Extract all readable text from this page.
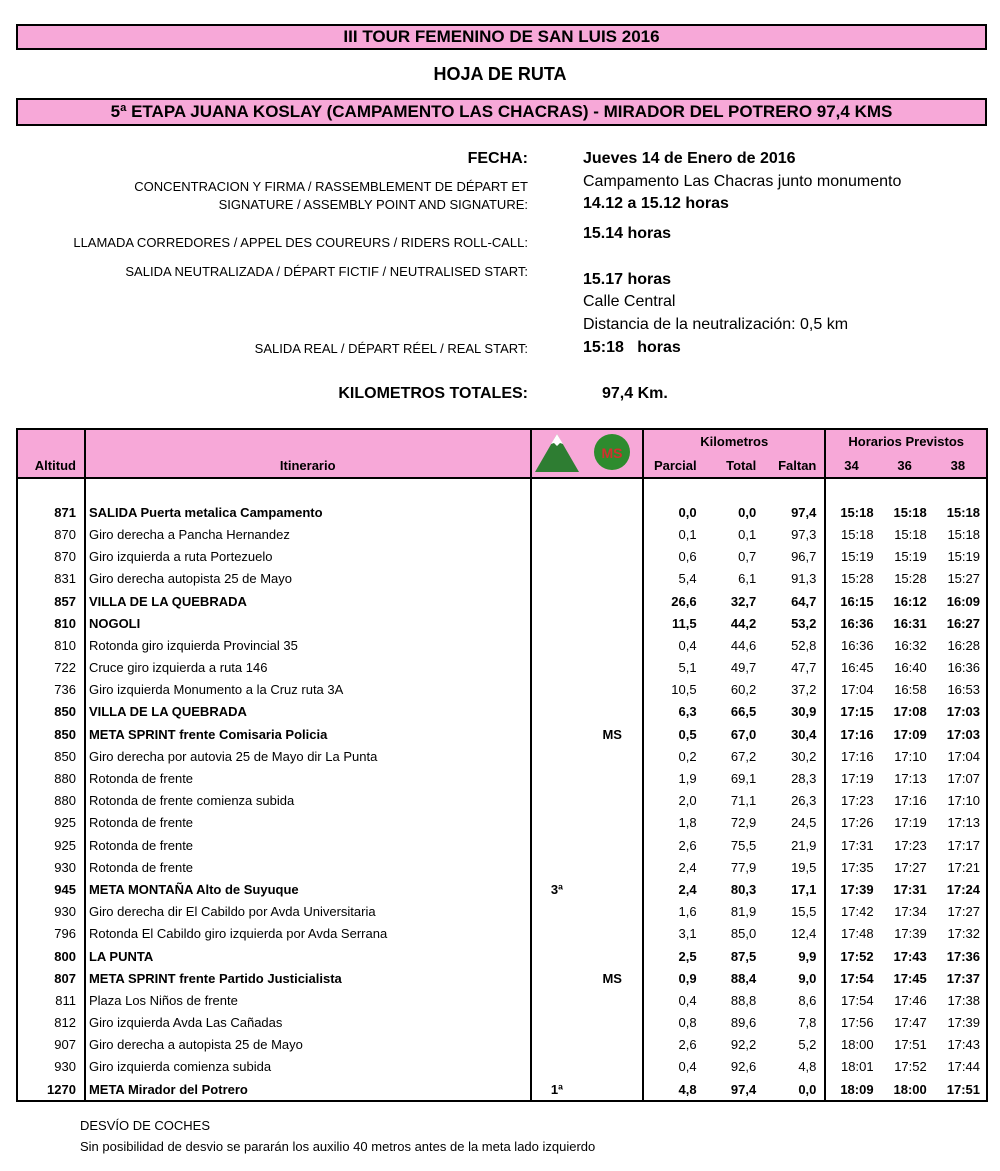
III TOUR FEMENINO DE SAN LUIS 2016
HOJA DE RUTA
5ª ETAPA JUANA KOSLAY (CAMPAMENTO LAS CHACRAS) - MIRADOR DEL POTRERO 97,4 KMS
FECHA:	Jueves 14 de Enero de 2016
CONCENTRACION Y FIRMA / RASSEMBLEMENT DE DÉPART ET
SIGNATURE / ASSEMBLY POINT AND SIGNATURE:
Campamento Las Chacras junto monumento
14.12 a 15.12 horas
LLAMADA CORREDORES / APPEL DES COUREURS / RIDERS ROLL-CALL:
15.14 horas
SALIDA NEUTRALIZADA / DÉPART FICTIF / NEUTRALISED START:	15.17 horas
Calle Central
Distancia de la neutralización: 0,5 km
SALIDA REAL / DÉPART RÉEL / REAL START:	15:18   horas
KILOMETROS TOTALES:	97,4 Km.

MS	Kilometros			Horarios Previstos		
Altitud	Itinerario			Parcial	Total	Faltan	34	36	38

871	SALIDA Puerta metalica Campamento			0,0	0,0	97,4	15:18	15:18	15:18
870	Giro derecha a Pancha Hernandez			0,1	0,1	97,3	15:18	15:18	15:18
870	Giro izquierda a ruta Portezuelo			0,6	0,7	96,7	15:19	15:19	15:19
831	Giro derecha autopista 25 de Mayo			5,4	6,1	91,3	15:28	15:28	15:27
857	VILLA DE LA QUEBRADA			26,6	32,7	64,7	16:15	16:12	16:09
810	NOGOLI			11,5	44,2	53,2	16:36	16:31	16:27
810	Rotonda giro izquierda Provincial 35			0,4	44,6	52,8	16:36	16:32	16:28
722	Cruce giro izquierda a ruta 146			5,1	49,7	47,7	16:45	16:40	16:36
736	Giro izquierda Monumento a la Cruz ruta 3A			10,5	60,2	37,2	17:04	16:58	16:53
850	VILLA DE LA QUEBRADA			6,3	66,5	30,9	17:15	17:08	17:03
850	META SPRINT frente Comisaria Policia		MS	0,5	67,0	30,4	17:16	17:09	17:03
850	Giro derecha por autovia 25 de Mayo dir La Punta			0,2	67,2	30,2	17:16	17:10	17:04
880	Rotonda de frente			1,9	69,1	28,3	17:19	17:13	17:07
880	Rotonda de frente comienza subida			2,0	71,1	26,3	17:23	17:16	17:10
925	Rotonda de frente			1,8	72,9	24,5	17:26	17:19	17:13
925	Rotonda de frente			2,6	75,5	21,9	17:31	17:23	17:17
930	Rotonda de frente			2,4	77,9	19,5	17:35	17:27	17:21
945	META MONTAÑA Alto de Suyuque	3ª		2,4	80,3	17,1	17:39	17:31	17:24
930	Giro derecha dir El Cabildo por Avda Universitaria			1,6	81,9	15,5	17:42	17:34	17:27
796	Rotonda El Cabildo giro izquierda por Avda Serrana			3,1	85,0	12,4	17:48	17:39	17:32
800	LA PUNTA			2,5	87,5	9,9	17:52	17:43	17:36
807	META SPRINT frente Partido Justicialista		MS	0,9	88,4	9,0	17:54	17:45	17:37
811	Plaza Los Niños de frente			0,4	88,8	8,6	17:54	17:46	17:38
812	Giro izquierda Avda Las Cañadas			0,8	89,6	7,8	17:56	17:47	17:39
907	Giro derecha a autopista 25 de Mayo			2,6	92,2	5,2	18:00	17:51	17:43
930	Giro izquierda comienza subida			0,4	92,6	4,8	18:01	17:52	17:44
1270	META Mirador del Potrero	1ª		4,8	97,4	0,0	18:09	18:00	17:51
DESVÍO DE COCHES
Sin posibilidad de desvio se pararán los auxilio 40 metros antes de la meta lado izquierdo
